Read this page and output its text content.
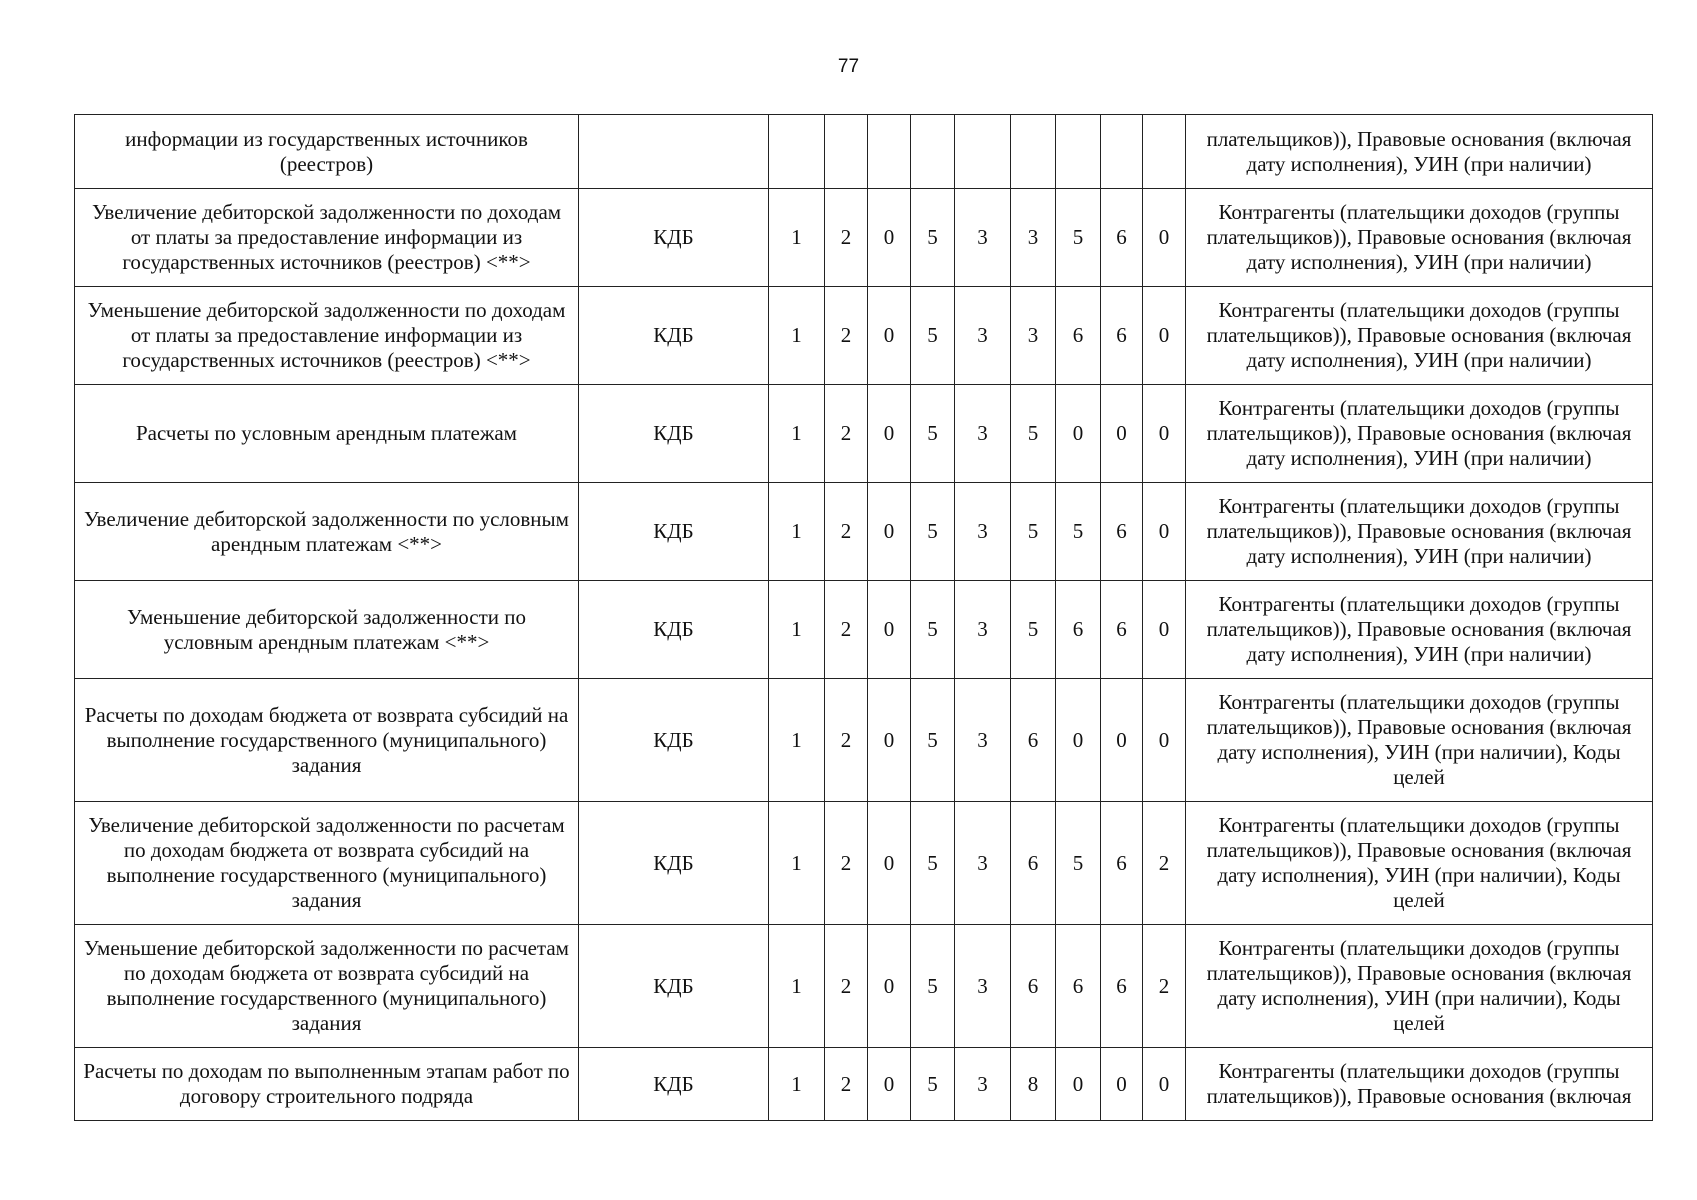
77
информации из государственных источников (реестров)											плательщиков)), Правовые основания (включая дату исполнения), УИН (при наличии)
Увеличение дебиторской задолженности по доходам от платы за предоставление информации из государственных источников (реестров) <**>	КДБ	1	2	0	5	3	3	5	6	0	Контрагенты (плательщики доходов (группы плательщиков)), Правовые основания (включая дату исполнения), УИН (при наличии)
Уменьшение дебиторской задолженности по доходам от платы за предоставление информации из государственных источников (реестров) <**>	КДБ	1	2	0	5	3	3	6	6	0	Контрагенты (плательщики доходов (группы плательщиков)), Правовые основания (включая дату исполнения), УИН (при наличии)
Расчеты по условным арендным платежам	КДБ	1	2	0	5	3	5	0	0	0	Контрагенты (плательщики доходов (группы плательщиков)), Правовые основания (включая дату исполнения), УИН (при наличии)
Увеличение дебиторской задолженности по условным арендным платежам <**>	КДБ	1	2	0	5	3	5	5	6	0	Контрагенты (плательщики доходов (группы плательщиков)), Правовые основания (включая дату исполнения), УИН (при наличии)
Уменьшение дебиторской задолженности по условным арендным платежам <**>	КДБ	1	2	0	5	3	5	6	6	0	Контрагенты (плательщики доходов (группы плательщиков)), Правовые основания (включая дату исполнения), УИН (при наличии)
Расчеты по доходам бюджета от возврата субсидий на выполнение государственного (муниципального) задания	КДБ	1	2	0	5	3	6	0	0	0	Контрагенты (плательщики доходов (группы плательщиков)), Правовые основания (включая дату исполнения), УИН (при наличии), Коды целей
Увеличение дебиторской задолженности по расчетам по доходам бюджета от возврата субсидий на выполнение государственного (муниципального) задания	КДБ	1	2	0	5	3	6	5	6	2	Контрагенты (плательщики доходов (группы плательщиков)), Правовые основания (включая дату исполнения), УИН (при наличии), Коды целей
Уменьшение дебиторской задолженности по расчетам по доходам бюджета от возврата субсидий на выполнение государственного (муниципального) задания	КДБ	1	2	0	5	3	6	6	6	2	Контрагенты (плательщики доходов (группы плательщиков)), Правовые основания (включая дату исполнения), УИН (при наличии), Коды целей
Расчеты по доходам по выполненным этапам работ по договору строительного подряда	КДБ	1	2	0	5	3	8	0	0	0	Контрагенты (плательщики доходов (группы плательщиков)), Правовые основания (включая
